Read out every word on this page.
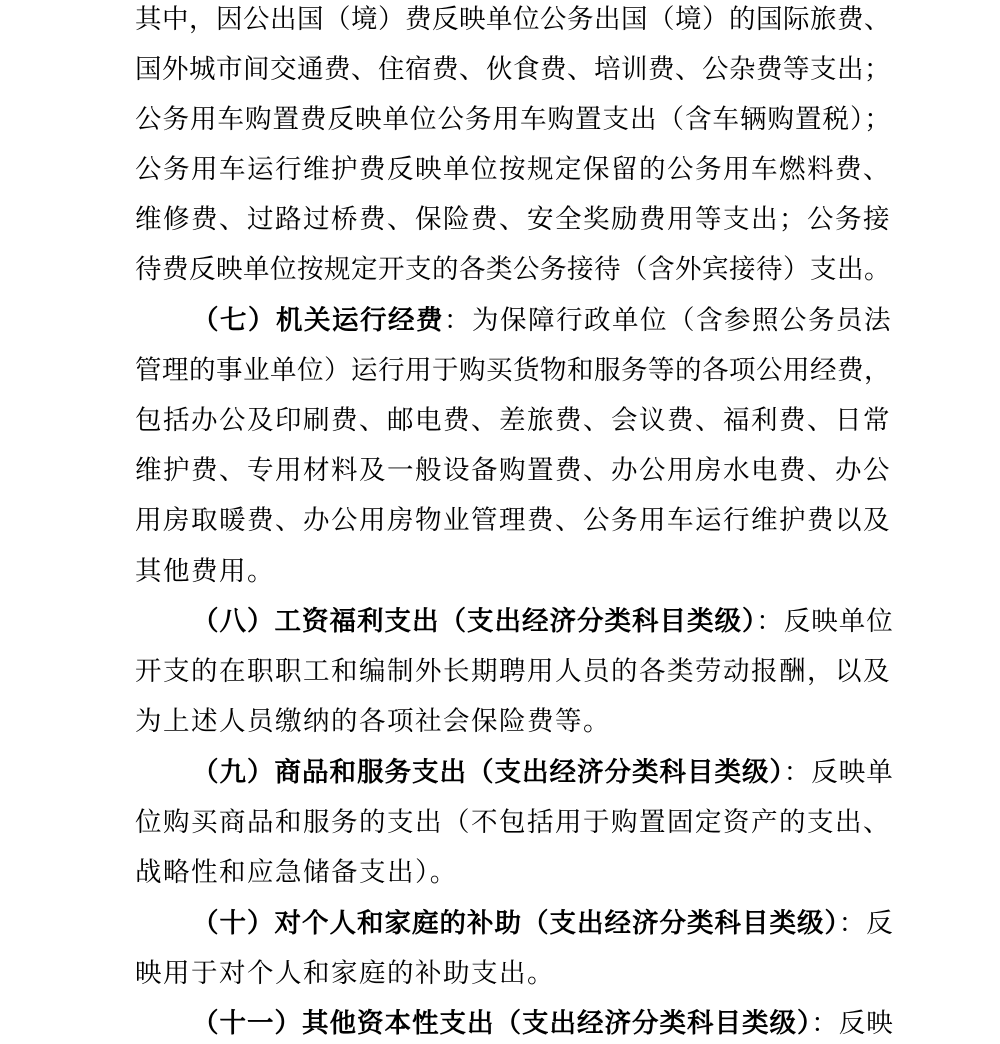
其中，因公出国（境）费反映单位公务出国（境）的国际旅费、
国外城市间交通费、住宿费、伙食费、培训费、公杂费等支出；
公务用车购置费反映单位公务用车购置支出（含车辆购置税）；
公务用车运行维护费反映单位按规定保留的公务用车燃料费、
维修费、过路过桥费、保险费、安全奖励费用等支出；公务接
待费反映单位按规定开支的各类公务接待（含外宾接待）支出。
（七）机关运行经费：为保障行政单位（含参照公务员法
管理的事业单位）运行用于购买货物和服务等的各项公用经费，
包括办公及印刷费、邮电费、差旅费、会议费、福利费、日常
维护费、专用材料及一般设备购置费、办公用房水电费、办公
用房取暖费、办公用房物业管理费、公务用车运行维护费以及
其他费用。
（八）工资福利支出（支出经济分类科目类级）：反映单位
开支的在职职工和编制外长期聘用人员的各类劳动报酬，以及
为上述人员缴纳的各项社会保险费等。
（九）商品和服务支出（支出经济分类科目类级）：反映单
位购买商品和服务的支出（不包括用于购置固定资产的支出、
战略性和应急储备支出）。
（十）对个人和家庭的补助（支出经济分类科目类级）：反
映用于对个人和家庭的补助支出。
（十一）其他资本性支出（支出经济分类科目类级）：反映
